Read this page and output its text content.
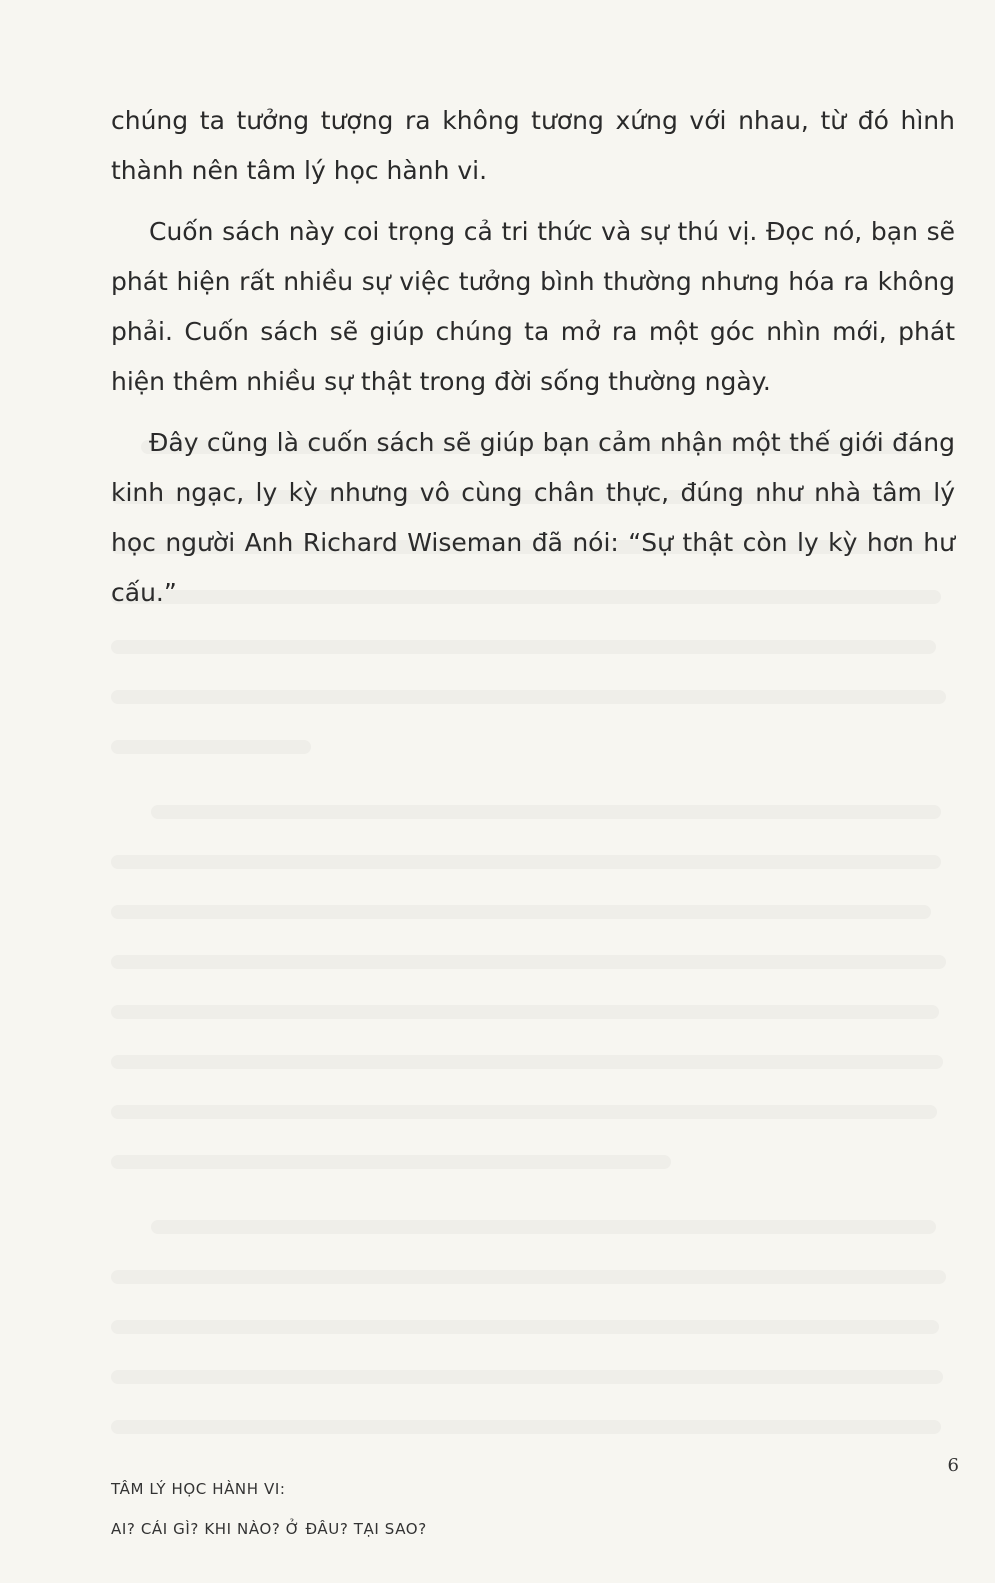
chúng ta tưởng tượng ra không tương xứng với nhau, từ đó hình thành nên tâm lý học hành vi.

Cuốn sách này coi trọng cả tri thức và sự thú vị. Đọc nó, bạn sẽ phát hiện rất nhiều sự việc tưởng bình thường nhưng hóa ra không phải. Cuốn sách sẽ giúp chúng ta mở ra một góc nhìn mới, phát hiện thêm nhiều sự thật trong đời sống thường ngày.

Đây cũng là cuốn sách sẽ giúp bạn cảm nhận một thế giới đáng kinh ngạc, ly kỳ nhưng vô cùng chân thực, đúng như nhà tâm lý học người Anh Richard Wiseman đã nói: “Sự thật còn ly kỳ hơn hư cấu.”

TÂM LÝ HỌC HÀNH VI:
AI? CÁI GÌ? KHI NÀO? Ở ĐÂU? TẠI SAO?
6
